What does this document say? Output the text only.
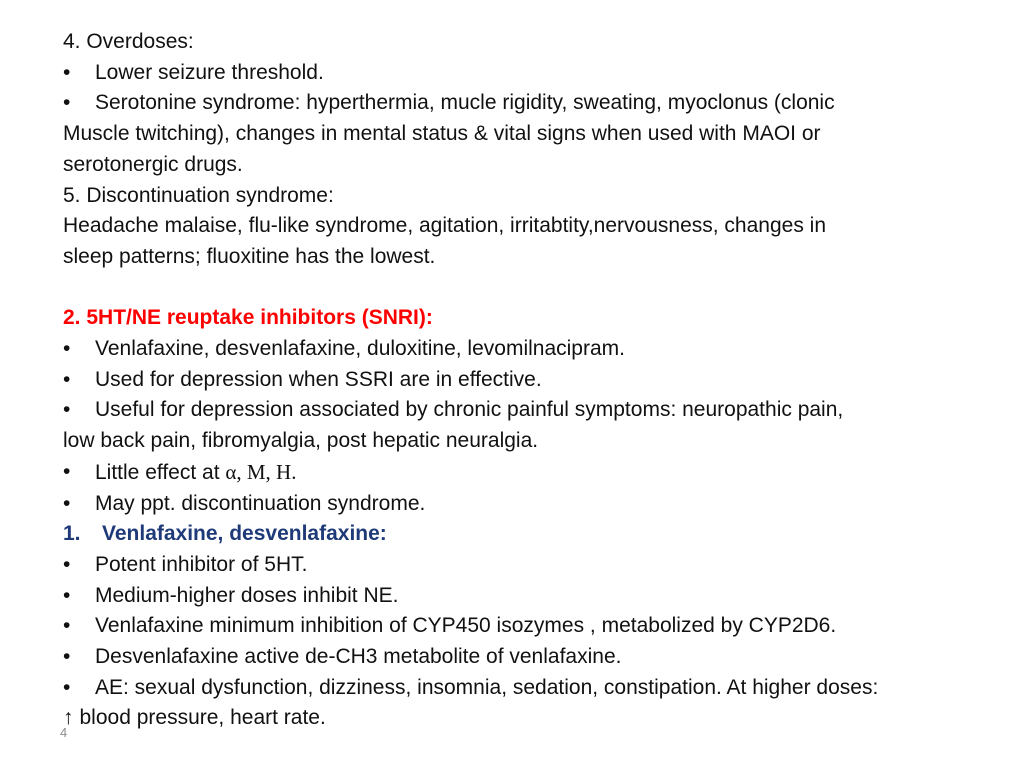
4. Overdoses:
•	Lower seizure threshold.
•	Serotonine syndrome: hyperthermia, mucle rigidity, sweating, myoclonus (clonic
Muscle twitching), changes in mental status & vital signs when used with MAOI or
serotonergic drugs.
5. Discontinuation syndrome:
Headache malaise, flu-like syndrome, agitation, irritabtity,nervousness, changes in
sleep patterns; fluoxitine has the lowest.
2. 5HT/NE reuptake inhibitors (SNRI):
•	Venlafaxine, desvenlafaxine, duloxitine, levomilnacipram.
•	Used for depression when SSRI are in effective.
•	Useful for depression associated by chronic painful symptoms: neuropathic pain,
low back pain, fibromyalgia, post hepatic neuralgia.
•	Little effect at α, M, H.
•	May ppt. discontinuation syndrome.
1. Venlafaxine, desvenlafaxine:
•	Potent inhibitor of 5HT.
•	Medium-higher doses inhibit NE.
•	Venlafaxine minimum inhibition of CYP450 isozymes , metabolized by CYP2D6.
•	Desvenlafaxine active de-CH3 metabolite of venlafaxine.
•	AE: sexual dysfunction, dizziness, insomnia, sedation, constipation. At higher doses:
↑ blood pressure, heart rate.
4
